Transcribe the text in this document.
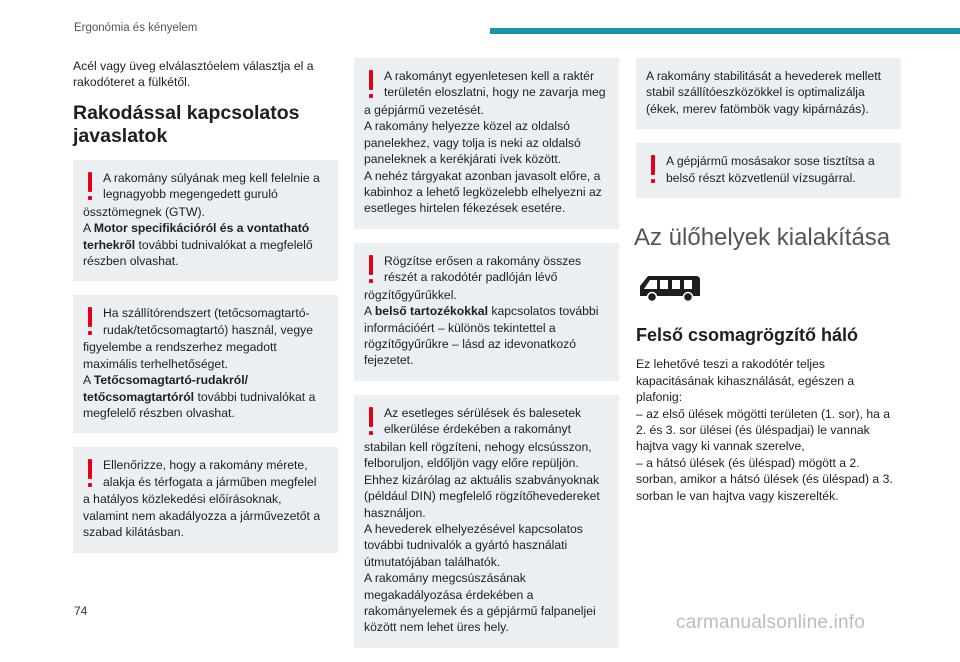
Ergonómia és kényelem

Acél vagy üveg elválasztóelem választja el a rakodóteret a fülkétől.

Rakodással kapcsolatos javaslatok
A rakomány súlyának meg kell felelnie a
legnagyobb megengedett guruló
össztömegnek (GTW).
A Motor specifikációról és a vontatható terhekről további tudnivalókat a megfelelő részben olvashat.
Ha szállítórendszert (tetőcsomagtartó-
rudak/tetőcsomagtartó) használ, vegye
figyelembe a rendszerhez megadott maximális terhelhetőséget.
A Tetőcsomagtartó-rudakról/ tetőcsomagtartóról további tudnivalókat a megfelelő részben olvashat.
Ellenőrizze, hogy a rakomány mérete,
alakja és térfogata a járműben megfelel
a hatályos közlekedési előírásoknak, valamint nem akadályozza a járművezetőt a szabad kilátásban.
A rakományt egyenletesen kell a raktér
területén eloszlatni, hogy ne zavarja meg
a gépjármű vezetését.
A rakomány helyezze közel az oldalsó panelekhez, vagy tolja is neki az oldalsó paneleknek a kerékjárati ívek között.
A nehéz tárgyakat azonban javasolt előre, a kabinhoz a lehető legközelebb elhelyezni az esetleges hirtelen fékezések esetére.
Rögzítse erősen a rakomány összes
részét a rakodótér padlóján lévő
rögzítőgyűrűkkel.
A belső tartozékokkal kapcsolatos további információért – különös tekintettel a rögzítőgyűrűkre – lásd az idevonatkozó fejezetet.
Az esetleges sérülések és balesetek
elkerülése érdekében a rakományt
stabilan kell rögzíteni, nehogy elcsússzon, felboruljon, eldőljön vagy előre repüljön.
Ehhez kizárólag az aktuális szabványoknak (például DIN) megfelelő rögzítőhevedereket használjon.
A hevederek elhelyezésével kapcsolatos további tudnivalók a gyártó használati útmutatójában találhatók.
A rakomány megcsúszásának megakadályozása érdekében a rakományelemek és a gépjármű falpaneljei között nem lehet üres hely.
A rakomány stabilitását a hevederek mellett stabil szállítóeszközökkel is optimalizálja (ékek, merev fatömbök vagy kipárnázás).
A gépjármű mosásakor sose tisztítsa a
belső részt közvetlenül vízsugárral.
Az ülőhelyek kialakítása
Felső csomagrögzítő háló

Ez lehetővé teszi a rakodótér teljes kapacitásának kihasználását, egészen a plafonig:

– az első ülések mögötti területen (1. sor), ha a 2. és 3. sor ülései (és üléspadjai) le vannak hajtva vagy ki vannak szerelve,

– a hátsó ülések (és üléspad) mögött a 2. sorban, amikor a hátsó ülések (és üléspad) a 3. sorban le van hajtva vagy kiszerelték.

74
carmanualsonline.info
